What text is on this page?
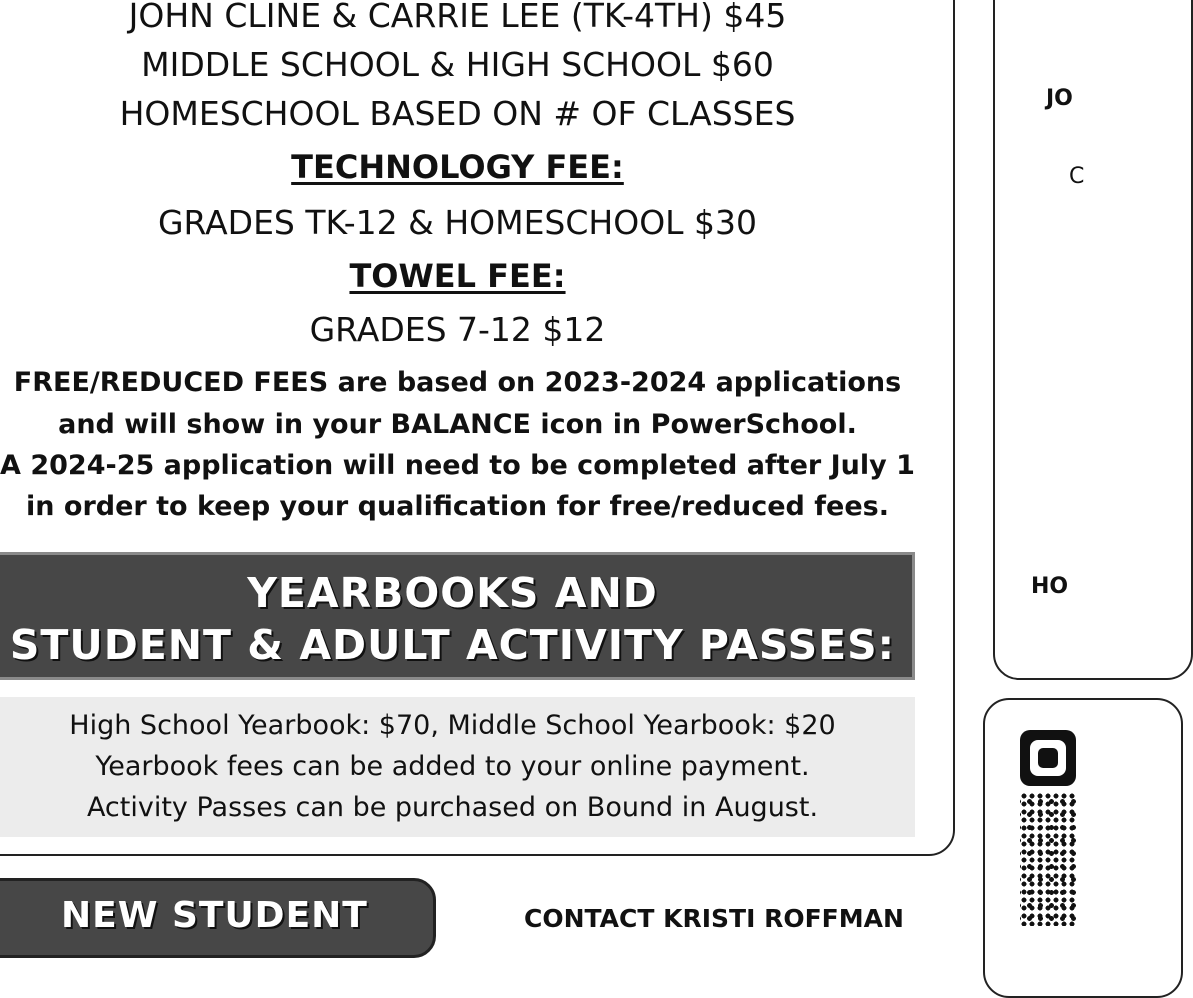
JOHN CLINE & CARRIE LEE (TK-4TH) $45
MIDDLE SCHOOL & HIGH SCHOOL $60
HOMESCHOOL BASED ON # OF CLASSES
TECHNOLOGY FEE:
GRADES TK-12 & HOMESCHOOL $30
TOWEL FEE:
GRADES 7-12 $12
FREE/REDUCED FEES are based on 2023-2024 applications
and will show in your BALANCE icon in PowerSchool.
A 2024-25 application will need to be completed after July 1
in order to keep your qualification for free/reduced fees.
YEARBOOKS AND
STUDENT & ADULT ACTIVITY PASSES:
High School Yearbook: $70, Middle School Yearbook: $20
Yearbook fees can be added to your online payment.
Activity Passes can be purchased on Bound in August.
NEW STUDENT	CONTACT KRISTI ROFFMAN
JO
C
HO
